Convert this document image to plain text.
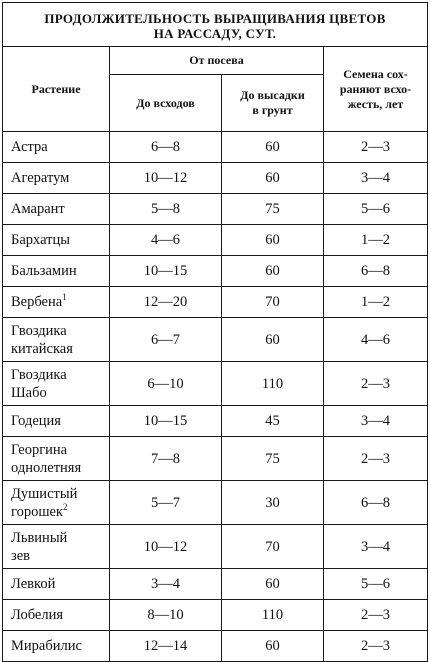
ПРОДОЛЖИТЕЛЬНОСТЬ ВЫРАЩИВАНИЯ ЦВЕТОВ
НА РАССАДУ, СУТ.			

Растение	От посева		Семена сох-
раняют всхо-
жесть, лет

	До всходов	До высадки
в грунт	

Астра	6—8	60	2—3

Агератум	10—12	60	3—4

Амарант	5—8	75	5—6

Бархатцы	4—6	60	1—2

Бальзамин	10—15	60	6—8

Вербена$^1$	12—20	70	1—2

Гвоздика
китайская	6—7	60	4—6

Гвоздика
Шабо	6—10	110	2—3

Годеция	10—15	45	3—4

Георгина
однолетняя	7—8	75	2—3

Душистый
горошек$^2$	5—7	30	6—8

Львиный
зев	10—12	70	3—4

Левкой	3—4	60	5—6

Лобелия	8—10	110	2—3

Мирабилис	12—14	60	2—3
